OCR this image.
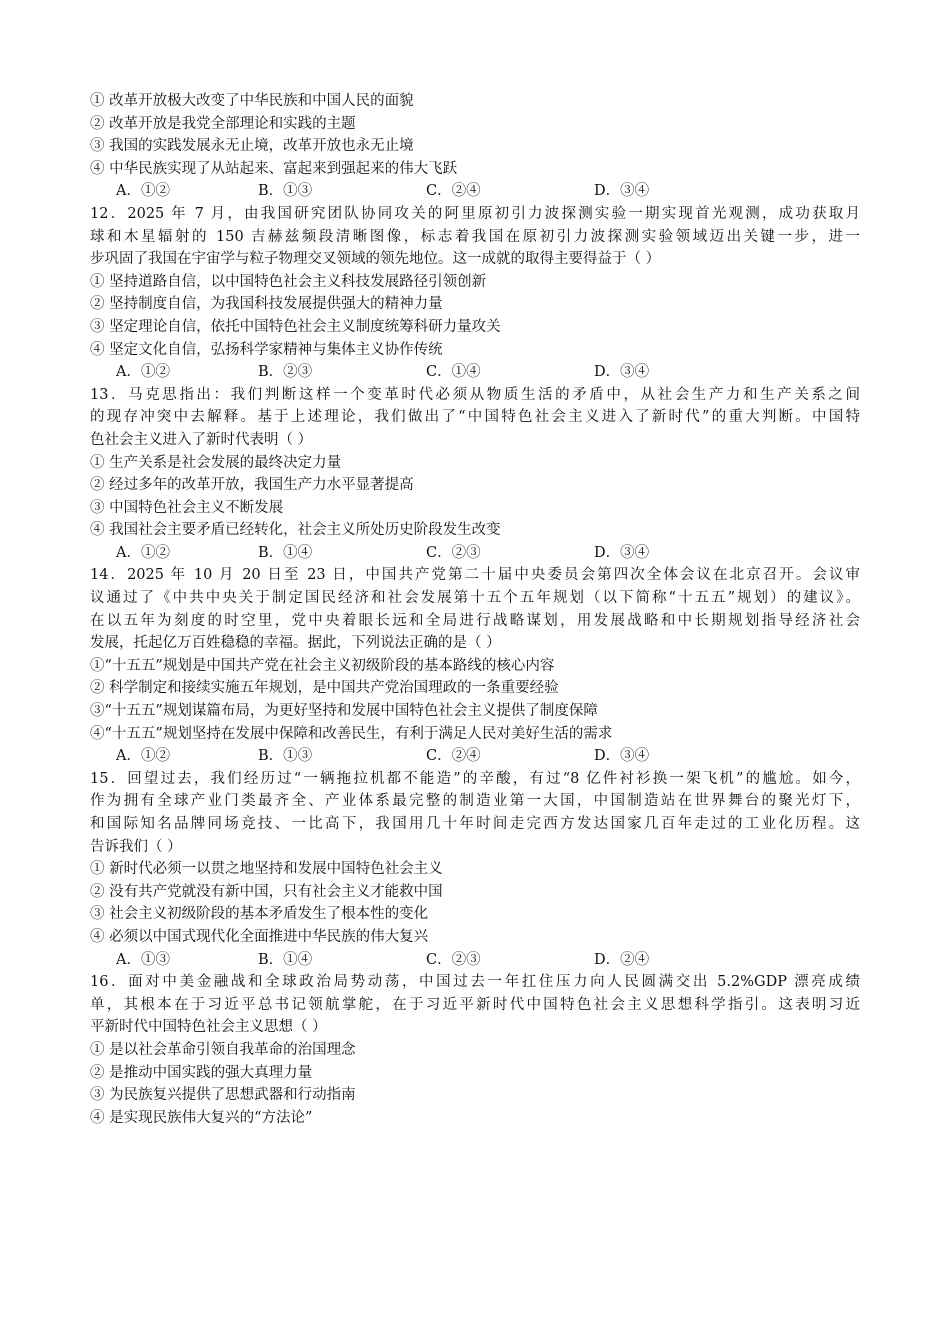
① 改革开放极大改变了中华民族和中国人民的面貌
② 改革开放是我党全部理论和实践的主题
③ 我国的实践发展永无止境，改革开放也永无止境
④ 中华民族实现了从站起来、富起来到强起来的伟大飞跃
A．①②	B．①③	C．②④	D．③④
12．2025 年 7 月，由我国研究团队协同攻关的阿里原初引力波探测实验一期实现首光观测，成功获取月
球和木星辐射的 150 吉赫兹频段清晰图像，标志着我国在原初引力波探测实验领域迈出关键一步，进一
步巩固了我国在宇宙学与粒子物理交叉领域的领先地位。这一成就的取得主要得益于（ ）
① 坚持道路自信，以中国特色社会主义科技发展路径引领创新
② 坚持制度自信，为我国科技发展提供强大的精神力量
③ 坚定理论自信，依托中国特色社会主义制度统筹科研力量攻关
④ 坚定文化自信，弘扬科学家精神与集体主义协作传统
A．①②	B．②③	C．①④	D．③④
13．马克思指出：我们判断这样一个变革时代必须从物质生活的矛盾中，从社会生产力和生产关系之间
的现存冲突中去解释。基于上述理论，我们做出了“中国特色社会主义进入了新时代”的重大判断。中国特
色社会主义进入了新时代表明（ ）
① 生产关系是社会发展的最终决定力量
② 经过多年的改革开放，我国生产力水平显著提高
③ 中国特色社会主义不断发展
④ 我国社会主要矛盾已经转化，社会主义所处历史阶段发生改变
A．①②	B．①④	C．②③	D．③④
14．2025 年 10 月 20 日至 23 日，中国共产党第二十届中央委员会第四次全体会议在北京召开。会议审
议通过了《中共中央关于制定国民经济和社会发展第十五个五年规划（以下简称“十五五”规划）的建议》。
在以五年为刻度的时空里，党中央着眼长远和全局进行战略谋划，用发展战略和中长期规划指导经济社会
发展，托起亿万百姓稳稳的幸福。据此，下列说法正确的是（ ）
①“十五五”规划是中国共产党在社会主义初级阶段的基本路线的核心内容
② 科学制定和接续实施五年规划，是中国共产党治国理政的一条重要经验
③“十五五”规划谋篇布局，为更好坚持和发展中国特色社会主义提供了制度保障
④“十五五”规划坚持在发展中保障和改善民生，有利于满足人民对美好生活的需求
A．①②	B．①③	C．②④	D．③④
15．回望过去，我们经历过“一辆拖拉机都不能造”的辛酸，有过“8 亿件衬衫换一架飞机”的尴尬。如今，
作为拥有全球产业门类最齐全、产业体系最完整的制造业第一大国，中国制造站在世界舞台的聚光灯下，
和国际知名品牌同场竞技、一比高下，我国用几十年时间走完西方发达国家几百年走过的工业化历程。这
告诉我们（ ）
① 新时代必须一以贯之地坚持和发展中国特色社会主义
② 没有共产党就没有新中国，只有社会主义才能救中国
③ 社会主义初级阶段的基本矛盾发生了根本性的变化
④ 必须以中国式现代化全面推进中华民族的伟大复兴
A．①③	B．①④	C．②③	D．②④
16．面对中美金融战和全球政治局势动荡，中国过去一年扛住压力向人民圆满交出 5.2%GDP 漂亮成绩
单，其根本在于习近平总书记领航掌舵，在于习近平新时代中国特色社会主义思想科学指引。这表明习近
平新时代中国特色社会主义思想（ ）
① 是以社会革命引领自我革命的治国理念
② 是推动中国实践的强大真理力量
③ 为民族复兴提供了思想武器和行动指南
④ 是实现民族伟大复兴的“方法论”
